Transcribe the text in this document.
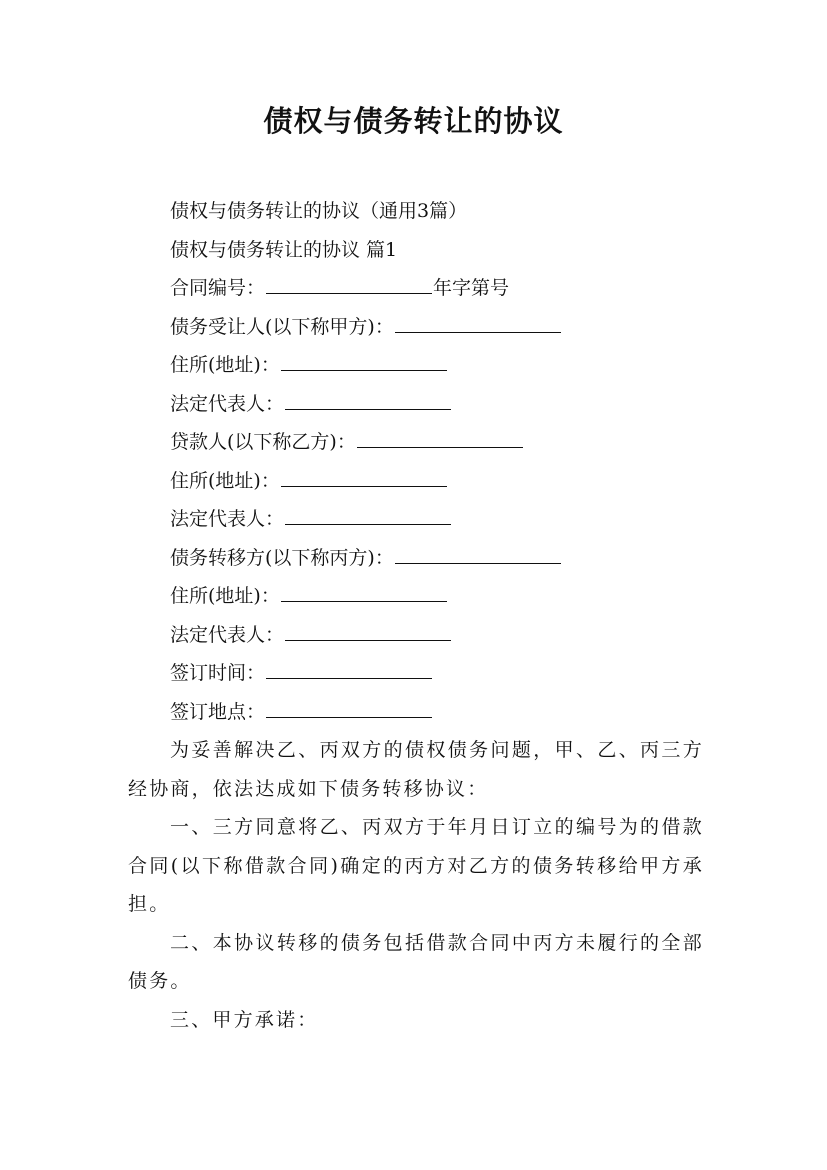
债权与债务转让的协议
债权与债务转让的协议（通用3篇）
债权与债务转让的协议 篇1
合同编号：	年字第号
债务受让人(以下称甲方)：
住所(地址)：
法定代表人：
贷款人(以下称乙方)：
住所(地址)：
法定代表人：
债务转移方(以下称丙方)：
住所(地址)：
法定代表人：
签订时间：
签订地点：
为妥善解决乙、丙双方的债权债务问题，甲、乙、丙三方经协商，依法达成如下债务转移协议：
一、三方同意将乙、丙双方于年月日订立的编号为的借款合同(以下称借款合同)确定的丙方对乙方的债务转移给甲方承担。
二、本协议转移的债务包括借款合同中丙方未履行的全部债务。
三、甲方承诺：
